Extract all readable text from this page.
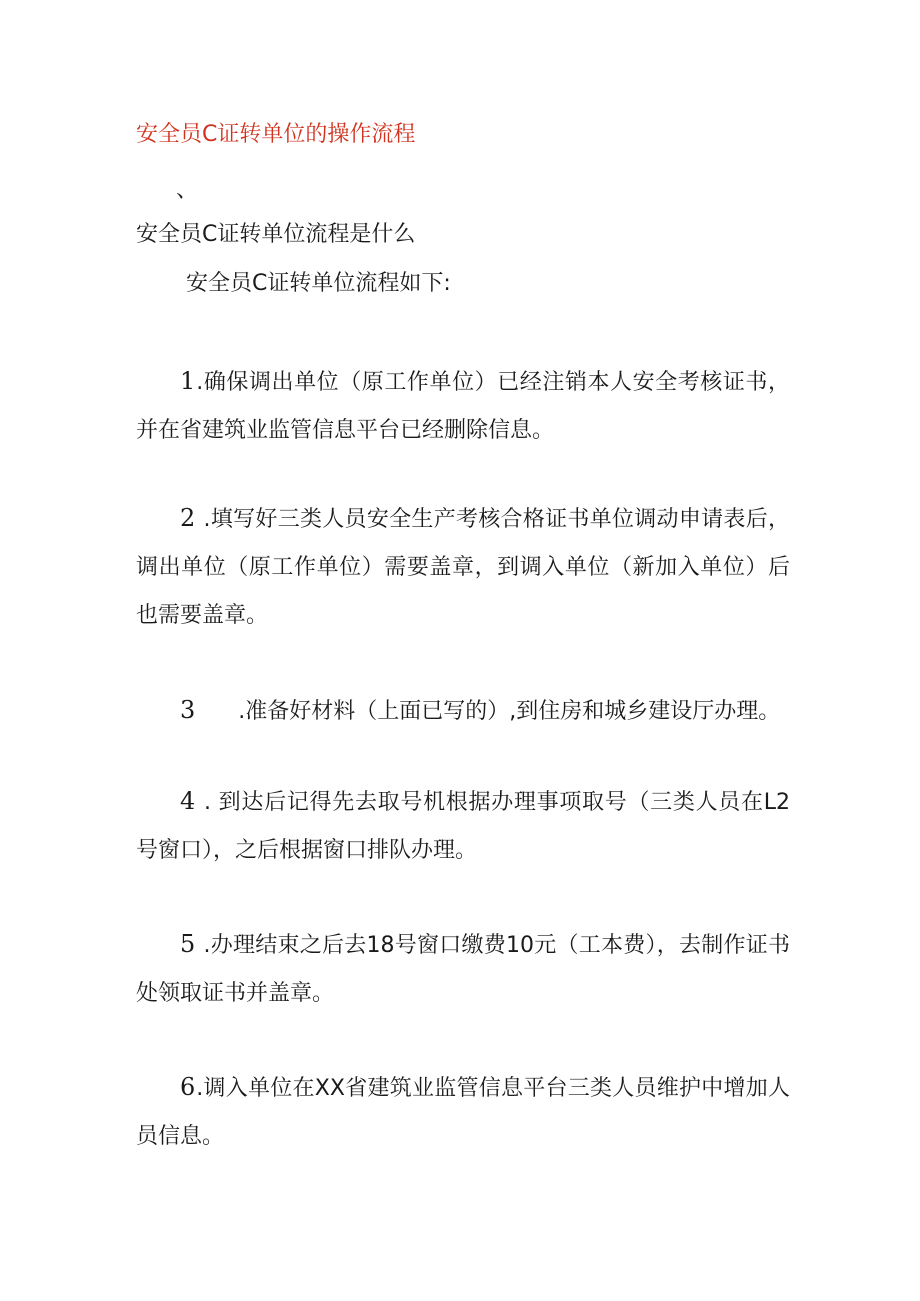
安全员C证转单位的操作流程
、
安全员C证转单位流程是什么

安全员C证转单位流程如下:

1.确保调出单位（原工作单位）已经注销本人安全考核证书，并在省建筑业监管信息平台已经删除信息。

2 .填写好三类人员安全生产考核合格证书单位调动申请表后，调出单位（原工作单位）需要盖章，到调入单位（新加入单位）后也需要盖章。

3      .准备好材料（上面已写的）,到住房和城乡建设厅办理。

4 . 到达后记得先去取号机根据办理事项取号（三类人员在L2号窗口），之后根据窗口排队办理。

5 .办理结束之后去18号窗口缴费10元（工本费），去制作证书处领取证书并盖章。

6.调入单位在XX省建筑业监管信息平台三类人员维护中增加人员信息。
